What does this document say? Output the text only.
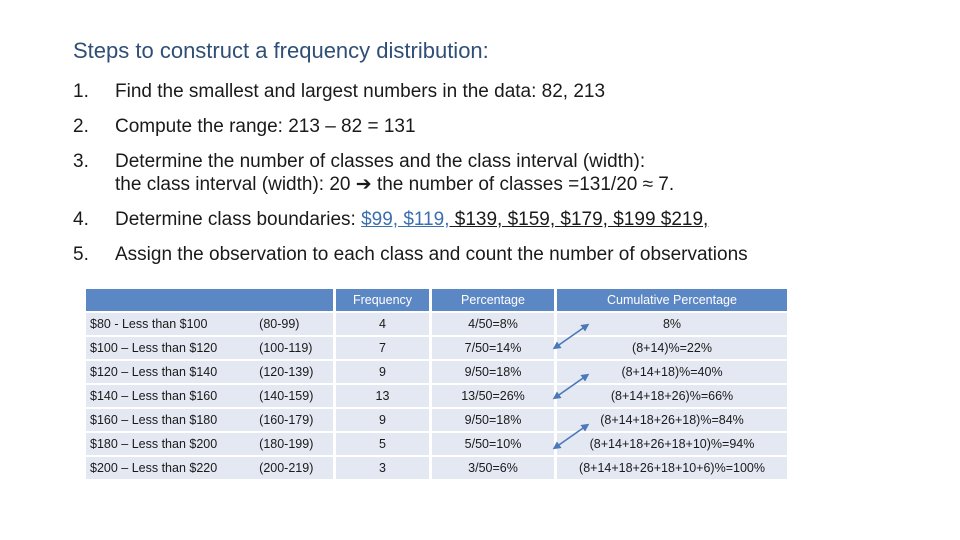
Steps to construct a frequency distribution:
1. Find the smallest and largest numbers in the data: 82, 213
2. Compute the range: 213 – 82 = 131
3. Determine the number of classes and the class interval (width):
the class interval (width): 20 ➔ the number of classes =131/20 ≈ 7.
4. Determine class boundaries: $99, $119, $139, $159, $179, $199 $219,
5. Assign the observation to each class and count the number of observations
			Frequency		Percentage		Cumulative Percentage
$80 - Less than $100	(80-99)		4		4/50=8%		8%
$100 – Less than $120	(100-119)		7		7/50=14%		(8+14)%=22%
$120 – Less than $140	(120-139)		9		9/50=18%		(8+14+18)%=40%
$140 – Less than $160	(140-159)		13		13/50=26%		(8+14+18+26)%=66%
$160 – Less than $180	(160-179)		9		9/50=18%		(8+14+18+26+18)%=84%
$180 – Less than $200	(180-199)		5		5/50=10%		(8+14+18+26+18+10)%=94%
$200 – Less than $220	(200-219)		3		3/50=6%		(8+14+18+26+18+10+6)%=100%
